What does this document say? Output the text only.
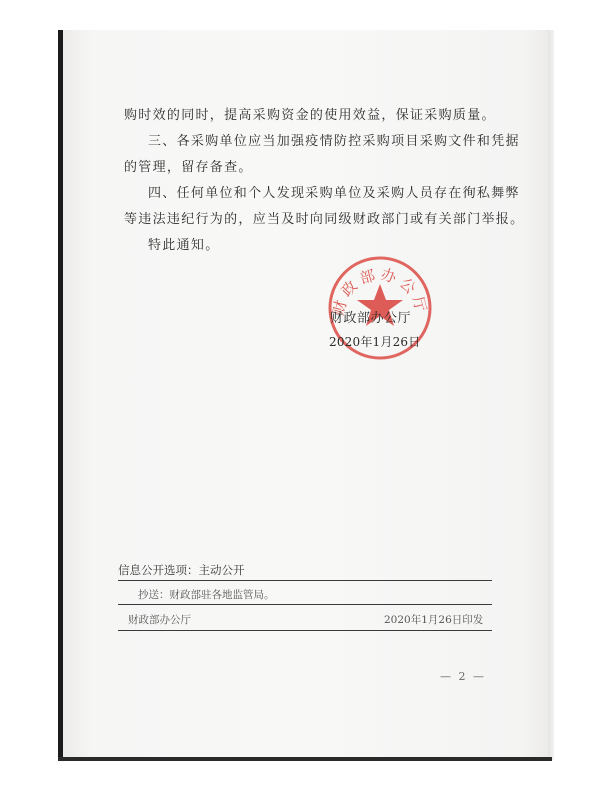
购时效的同时，提高采购资金的使用效益，保证采购质量。
三、各采购单位应当加强疫情防控采购项目采购文件和凭据
的管理，留存备查。
四、任何单位和个人发现采购单位及采购人员存在徇私舞弊
等违法违纪行为的，应当及时向同级财政部门或有关部门举报。
特此通知。
财政部办公厅
财政部办公厅
2020年1月26日
信息公开选项：主动公开
抄送：财政部驻各地监管局。
财政部办公厅	2020年1月26日印发
— 2 —
